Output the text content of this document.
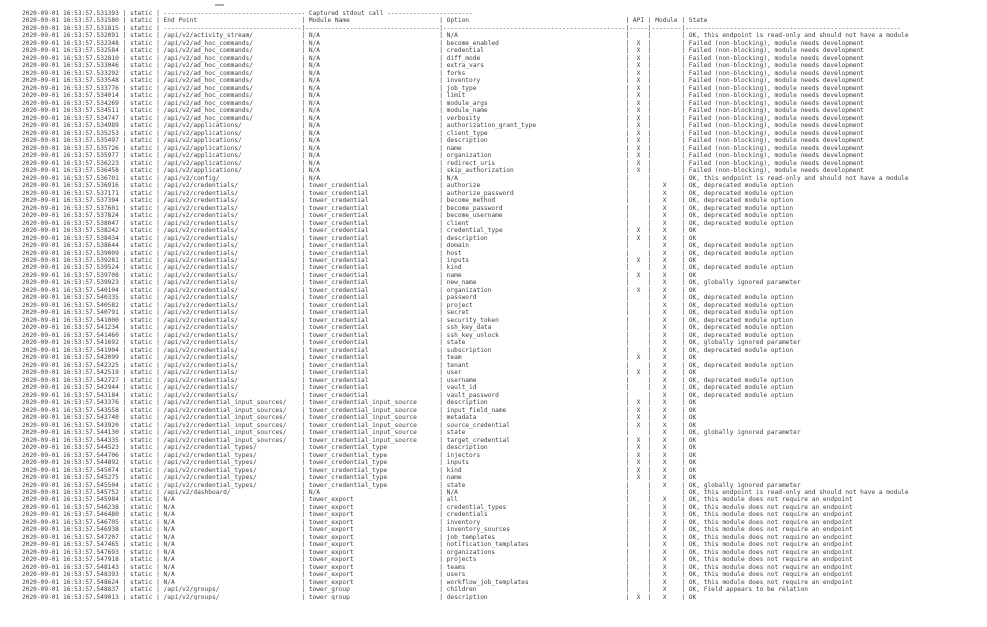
2020-09-01 16:53:57.531393 | static | -------------------------------------- Captured stdout call -----------------------
2020-09-01 16:53:57.531580 | static | End Point                            | Module Name                        | Option                                          | API | Module | State
2020-09-01 16:53:57.531815 | static | -------------------------------------|------------------------------------|-------------------------------------------------|-----|--------|----------------------------------------------------------
2020-09-01 16:53:57.532091 | static | /api/v2/activity_stream/             | N/A                                | N/A                                             |     |        | OK, this endpoint is read-only and should not have a module
2020-09-01 16:53:57.532348 | static | /api/v2/ad_hoc_commands/             | N/A                                | become_enabled                                  |  X  |        | Failed (non-blocking), module needs development
2020-09-01 16:53:57.532584 | static | /api/v2/ad_hoc_commands/             | N/A                                | credential                                      |  X  |        | Failed (non-blocking), module needs development
2020-09-01 16:53:57.532810 | static | /api/v2/ad_hoc_commands/             | N/A                                | diff_mode                                       |  X  |        | Failed (non-blocking), module needs development
2020-09-01 16:53:57.533046 | static | /api/v2/ad_hoc_commands/             | N/A                                | extra_vars                                      |  X  |        | Failed (non-blocking), module needs development
2020-09-01 16:53:57.533292 | static | /api/v2/ad_hoc_commands/             | N/A                                | forks                                           |  X  |        | Failed (non-blocking), module needs development
2020-09-01 16:53:57.533548 | static | /api/v2/ad_hoc_commands/             | N/A                                | inventory                                       |  X  |        | Failed (non-blocking), module needs development
2020-09-01 16:53:57.533776 | static | /api/v2/ad_hoc_commands/             | N/A                                | job_type                                        |  X  |        | Failed (non-blocking), module needs development
2020-09-01 16:53:57.534014 | static | /api/v2/ad_hoc_commands/             | N/A                                | limit                                           |  X  |        | Failed (non-blocking), module needs development
2020-09-01 16:53:57.534269 | static | /api/v2/ad_hoc_commands/             | N/A                                | module_args                                     |  X  |        | Failed (non-blocking), module needs development
2020-09-01 16:53:57.534511 | static | /api/v2/ad_hoc_commands/             | N/A                                | module_name                                     |  X  |        | Failed (non-blocking), module needs development
2020-09-01 16:53:57.534747 | static | /api/v2/ad_hoc_commands/             | N/A                                | verbosity                                       |  X  |        | Failed (non-blocking), module needs development
2020-09-01 16:53:57.534989 | static | /api/v2/applications/                | N/A                                | authorization_grant_type                        |  X  |        | Failed (non-blocking), module needs development
2020-09-01 16:53:57.535253 | static | /api/v2/applications/                | N/A                                | client_type                                     |  X  |        | Failed (non-blocking), module needs development
2020-09-01 16:53:57.535497 | static | /api/v2/applications/                | N/A                                | description                                     |  X  |        | Failed (non-blocking), module needs development
2020-09-01 16:53:57.535726 | static | /api/v2/applications/                | N/A                                | name                                            |  X  |        | Failed (non-blocking), module needs development
2020-09-01 16:53:57.535977 | static | /api/v2/applications/                | N/A                                | organization                                    |  X  |        | Failed (non-blocking), module needs development
2020-09-01 16:53:57.536223 | static | /api/v2/applications/                | N/A                                | redirect_uris                                   |  X  |        | Failed (non-blocking), module needs development
2020-09-01 16:53:57.536458 | static | /api/v2/applications/                | N/A                                | skip_authorization                              |  X  |        | Failed (non-blocking), module needs development
2020-09-01 16:53:57.536701 | static | /api/v2/config/                      | N/A                                | N/A                                             |     |        | OK, this endpoint is read-only and should not have a module
2020-09-01 16:53:57.536916 | static | /api/v2/credentials/                 | tower_credential                   | authorize                                       |     |   X    | OK, deprecated module option
2020-09-01 16:53:57.537171 | static | /api/v2/credentials/                 | tower_credential                   | authorize_password                              |     |   X    | OK, deprecated module option
2020-09-01 16:53:57.537394 | static | /api/v2/credentials/                 | tower_credential                   | become_method                                   |     |   X    | OK, deprecated module option
2020-09-01 16:53:57.537601 | static | /api/v2/credentials/                 | tower_credential                   | become_password                                 |     |   X    | OK, deprecated module option
2020-09-01 16:53:57.537824 | static | /api/v2/credentials/                 | tower_credential                   | become_username                                 |     |   X    | OK, deprecated module option
2020-09-01 16:53:57.538047 | static | /api/v2/credentials/                 | tower_credential                   | client                                          |     |   X    | OK, deprecated module option
2020-09-01 16:53:57.538242 | static | /api/v2/credentials/                 | tower_credential                   | credential_type                                 |  X  |   X    | OK
2020-09-01 16:53:57.538434 | static | /api/v2/credentials/                 | tower_credential                   | description                                     |  X  |   X    | OK
2020-09-01 16:53:57.538644 | static | /api/v2/credentials/                 | tower_credential                   | domain                                          |     |   X    | OK, deprecated module option
2020-09-01 16:53:57.539009 | static | /api/v2/credentials/                 | tower_credential                   | host                                            |     |   X    | OK, deprecated module option
2020-09-01 16:53:57.539281 | static | /api/v2/credentials/                 | tower_credential                   | inputs                                          |  X  |   X    | OK
2020-09-01 16:53:57.539524 | static | /api/v2/credentials/                 | tower_credential                   | kind                                            |     |   X    | OK, deprecated module option
2020-09-01 16:53:57.539708 | static | /api/v2/credentials/                 | tower_credential                   | name                                            |  X  |   X    | OK
2020-09-01 16:53:57.539923 | static | /api/v2/credentials/                 | tower_credential                   | new_name                                        |     |   X    | OK, globally ignored parameter
2020-09-01 16:53:57.540104 | static | /api/v2/credentials/                 | tower_credential                   | organization                                    |  X  |   X    | OK
2020-09-01 16:53:57.540335 | static | /api/v2/credentials/                 | tower_credential                   | password                                        |     |   X    | OK, deprecated module option
2020-09-01 16:53:57.540582 | static | /api/v2/credentials/                 | tower_credential                   | project                                         |     |   X    | OK, deprecated module option
2020-09-01 16:53:57.540791 | static | /api/v2/credentials/                 | tower_credential                   | secret                                          |     |   X    | OK, deprecated module option
2020-09-01 16:53:57.541000 | static | /api/v2/credentials/                 | tower_credential                   | security_token                                  |     |   X    | OK, deprecated module option
2020-09-01 16:53:57.541234 | static | /api/v2/credentials/                 | tower_credential                   | ssh_key_data                                    |     |   X    | OK, deprecated module option
2020-09-01 16:53:57.541460 | static | /api/v2/credentials/                 | tower_credential                   | ssh_key_unlock                                  |     |   X    | OK, deprecated module option
2020-09-01 16:53:57.541692 | static | /api/v2/credentials/                 | tower_credential                   | state                                           |     |   X    | OK, globally ignored parameter
2020-09-01 16:53:57.541904 | static | /api/v2/credentials/                 | tower_credential                   | subscription                                    |     |   X    | OK, deprecated module option
2020-09-01 16:53:57.542099 | static | /api/v2/credentials/                 | tower_credential                   | team                                            |  X  |   X    | OK
2020-09-01 16:53:57.542325 | static | /api/v2/credentials/                 | tower_credential                   | tenant                                          |     |   X    | OK, deprecated module option
2020-09-01 16:53:57.542519 | static | /api/v2/credentials/                 | tower_credential                   | user                                            |  X  |   X    | OK
2020-09-01 16:53:57.542727 | static | /api/v2/credentials/                 | tower_credential                   | username                                        |     |   X    | OK, deprecated module option
2020-09-01 16:53:57.542944 | static | /api/v2/credentials/                 | tower_credential                   | vault_id                                        |     |   X    | OK, deprecated module option
2020-09-01 16:53:57.543184 | static | /api/v2/credentials/                 | tower_credential                   | vault_password                                  |     |   X    | OK, deprecated module option
2020-09-01 16:53:57.543376 | static | /api/v2/credential_input_sources/    | tower_credential_input_source      | description                                     |  X  |   X    | OK
2020-09-01 16:53:57.543558 | static | /api/v2/credential_input_sources/    | tower_credential_input_source      | input_field_name                                |  X  |   X    | OK
2020-09-01 16:53:57.543740 | static | /api/v2/credential_input_sources/    | tower_credential_input_source      | metadata                                        |  X  |   X    | OK
2020-09-01 16:53:57.543920 | static | /api/v2/credential_input_sources/    | tower_credential_input_source      | source_credential                               |  X  |   X    | OK
2020-09-01 16:53:57.544130 | static | /api/v2/credential_input_sources/    | tower_credential_input_source      | state                                           |     |   X    | OK, globally ignored parameter
2020-09-01 16:53:57.544335 | static | /api/v2/credential_input_sources/    | tower_credential_input_source      | target_credential                               |  X  |   X    | OK
2020-09-01 16:53:57.544523 | static | /api/v2/credential_types/            | tower_credential_type              | description                                     |  X  |   X    | OK
2020-09-01 16:53:57.544706 | static | /api/v2/credential_types/            | tower_credential_type              | injectors                                       |  X  |   X    | OK
2020-09-01 16:53:57.544892 | static | /api/v2/credential_types/            | tower_credential_type              | inputs                                          |  X  |   X    | OK
2020-09-01 16:53:57.545074 | static | /api/v2/credential_types/            | tower_credential_type              | kind                                            |  X  |   X    | OK
2020-09-01 16:53:57.545275 | static | /api/v2/credential_types/            | tower_credential_type              | name                                            |  X  |   X    | OK
2020-09-01 16:53:57.545504 | static | /api/v2/credential_types/            | tower_credential_type              | state                                           |     |   X    | OK, globally ignored parameter
2020-09-01 16:53:57.545752 | static | /api/v2/dashboard/                   | N/A                                | N/A                                             |     |        | OK, this endpoint is read-only and should not have a module
2020-09-01 16:53:57.545984 | static | N/A                                  | tower_export                       | all                                             |     |   X    | OK, this module does not require an endpoint
2020-09-01 16:53:57.546238 | static | N/A                                  | tower_export                       | credential_types                                |     |   X    | OK, this module does not require an endpoint
2020-09-01 16:53:57.546480 | static | N/A                                  | tower_export                       | credentials                                     |     |   X    | OK, this module does not require an endpoint
2020-09-01 16:53:57.546705 | static | N/A                                  | tower_export                       | inventory                                       |     |   X    | OK, this module does not require an endpoint
2020-09-01 16:53:57.546938 | static | N/A                                  | tower_export                       | inventory_sources                               |     |   X    | OK, this module does not require an endpoint
2020-09-01 16:53:57.547207 | static | N/A                                  | tower_export                       | job_templates                                   |     |   X    | OK, this module does not require an endpoint
2020-09-01 16:53:57.547465 | static | N/A                                  | tower_export                       | notification_templates                          |     |   X    | OK, this module does not require an endpoint
2020-09-01 16:53:57.547693 | static | N/A                                  | tower_export                       | organizations                                   |     |   X    | OK, this module does not require an endpoint
2020-09-01 16:53:57.547918 | static | N/A                                  | tower_export                       | projects                                        |     |   X    | OK, this module does not require an endpoint
2020-09-01 16:53:57.548143 | static | N/A                                  | tower_export                       | teams                                           |     |   X    | OK, this module does not require an endpoint
2020-09-01 16:53:57.548393 | static | N/A                                  | tower_export                       | users                                           |     |   X    | OK, this module does not require an endpoint
2020-09-01 16:53:57.548624 | static | N/A                                  | tower_export                       | workflow_job_templates                          |     |   X    | OK, this module does not require an endpoint
2020-09-01 16:53:57.548837 | static | /api/v2/groups/                      | tower_group                        | children                                        |     |   X    | OK, Field appears to be relation
2020-09-01 16:53:57.549013 | static | /api/v2/groups/                      | tower_group                        | description                                     |  X  |   X    | OK
